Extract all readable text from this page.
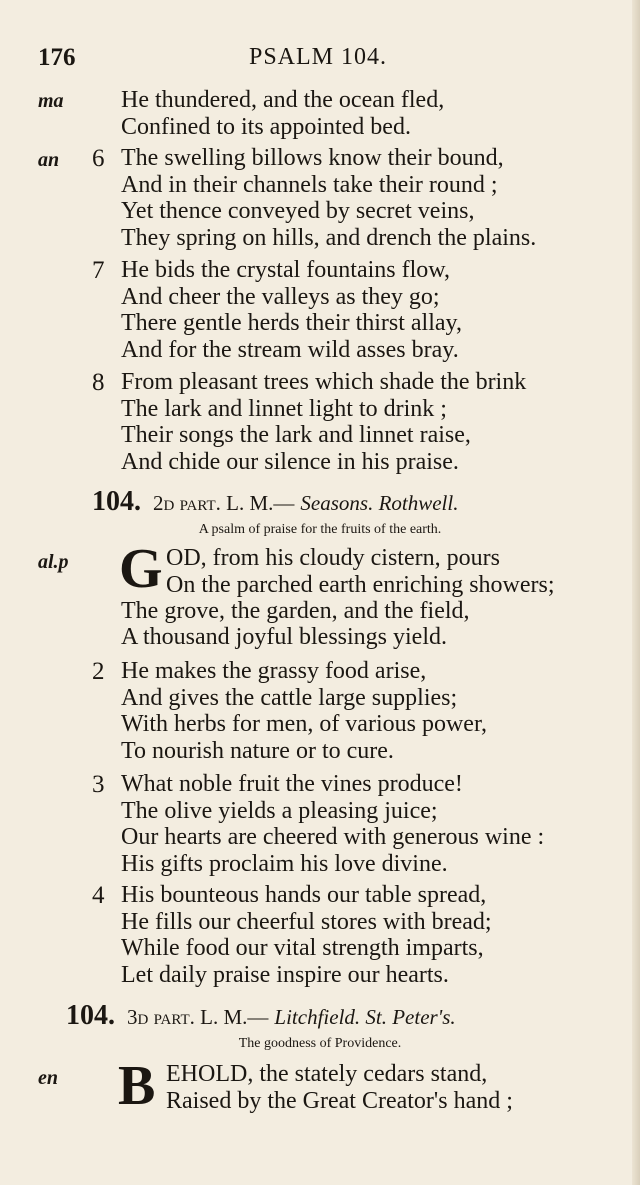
176	PSALM 104.
ma He thundered, and the ocean fled,
Confined to its appointed bed.
an 6 The swelling billows know their bound,
And in their channels take their round ;
Yet thence conveyed by secret veins,
They spring on hills, and drench the plains.
7 He bids the crystal fountains flow,
And cheer the valleys as they go;
There gentle herds their thirst allay,
And for the stream wild asses bray.
8 From pleasant trees which shade the brink
The lark and linnet light to drink ;
Their songs the lark and linnet raise,
And chide our silence in his praise.
104. 2d part. L. M.— Seasons. Rothwell.
A psalm of praise for the fruits of the earth.
al.p G OD, from his cloudy cistern, pours
On the parched earth enriching showers;
The grove, the garden, and the field,
A thousand joyful blessings yield.
2 He makes the grassy food arise,
And gives the cattle large supplies;
With herbs for men, of various power,
To nourish nature or to cure.
3 What noble fruit the vines produce!
The olive yields a pleasing juice;
Our hearts are cheered with generous wine :
His gifts proclaim his love divine.
4 His bounteous hands our table spread,
He fills our cheerful stores with bread;
While food our vital strength imparts,
Let daily praise inspire our hearts.
104. 3d part. L. M.— Litchfield. St. Peter's.
The goodness of Providence.
en B EHOLD, the stately cedars stand,
Raised by the Great Creator's hand ;
